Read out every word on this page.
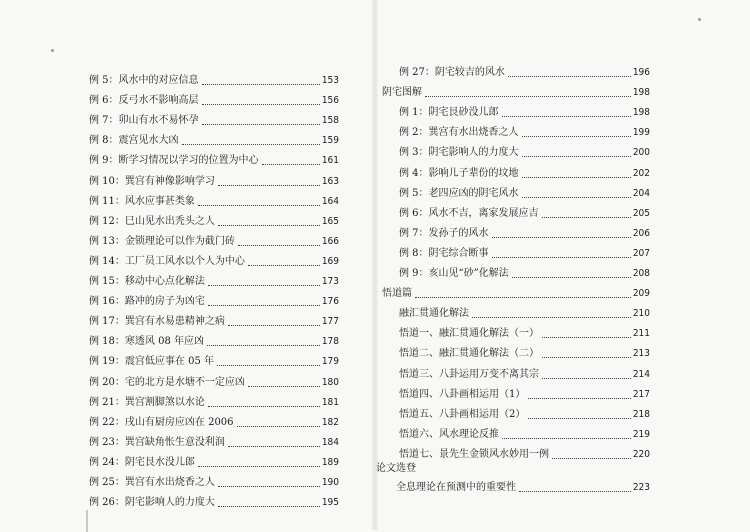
例 5：风水中的对应信息	153
例 6：反弓水不影响高层	156
例 7：卯山有水不易怀孕	158
例 8：震宫见水大凶	159
例 9：断学习情况以学习的位置为中心	161
例 10：巽宫有神像影响学习	163
例 11：风水应事甚类象	164
例 12：巳山见水出秃头之人	165
例 13：金锁理论可以作为截门砖	166
例 14：工厂员工风水以个人为中心	169
例 15：移动中心点化解法	173
例 16：路冲的房子为凶宅	176
例 17：巽宫有水易患精神之病	177
例 18：寒透风 08 年应凶	178
例 19：震宫低应事在 05 年	179
例 20：宅的北方是水塘不一定应凶	180
例 21：巽宫割脚煞以水论	181
例 22：戌山有厨房应凶在 2006	182
例 23：巽宫缺角怅生意没利润	184
例 24：阴宅艮水没儿郎	189
例 25：巽宫有水出烧香之人	190
例 26：阴宅影响人的力度大	195
例 27：阴宅较吉的风水	196
阴宅图解	198
例 1：阴宅艮砂没儿郎	198
例 2：巽宫有水出烧香之人	199
例 3：阴宅影响人的力度大	200
例 4：影响儿子辈份的坟地	202
例 5：老四应凶的阴宅风水	204
例 6：风水不吉，离家发展应吉	205
例 7：发孙子的风水	206
例 8：阴宅综合断事	207
例 9：亥山见“砂”化解法	208
悟道篇	209
融汇贯通化解法	210
悟道一、融汇贯通化解法（一）	211
悟道二、融汇贯通化解法（二）	213
悟道三、八卦运用万变不离其宗	214
悟道四、八卦画相运用（1）	217
悟道五、八卦画相运用（2）	218
悟道六、风水理论反推	219
悟道七、景先生金锁风水妙用一例	220
论文选登
全息理论在预测中的重要性	223
